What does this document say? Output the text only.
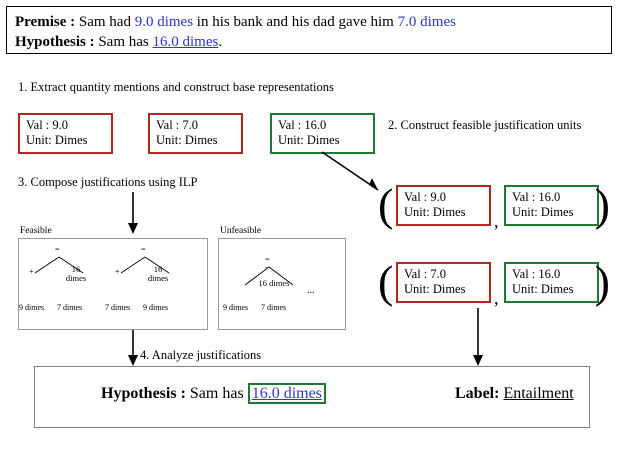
Premise : Sam had 9.0 dimes in his bank and his dad gave him 7.0 dimes
Hypothesis : Sam has 16.0 dimes.
1. Extract quantity mentions and construct base representations
Val : 9.0
Unit: Dimes
Val : 7.0
Unit: Dimes
Val : 16.0
Unit: Dimes
2. Construct feasible justification units
3. Compose justifications using ILP	( Val : 9.0
Unit: Dimes	,
Val : 16.0
Unit: Dimes )
( Val : 7.0
Unit: Dimes	,
Val : 16.0
Unit: Dimes )
Feasible
=
+	16 dimes
9 dimes 7 dimes
=
+	16 dimes
7 dimes 9 dimes
Unfeasible
=
-
16 dimes
9 dimes 7 dimes
...
4. Analyze justifications
Hypothesis : Sam has 16.0 dimes	Label: Entailment
